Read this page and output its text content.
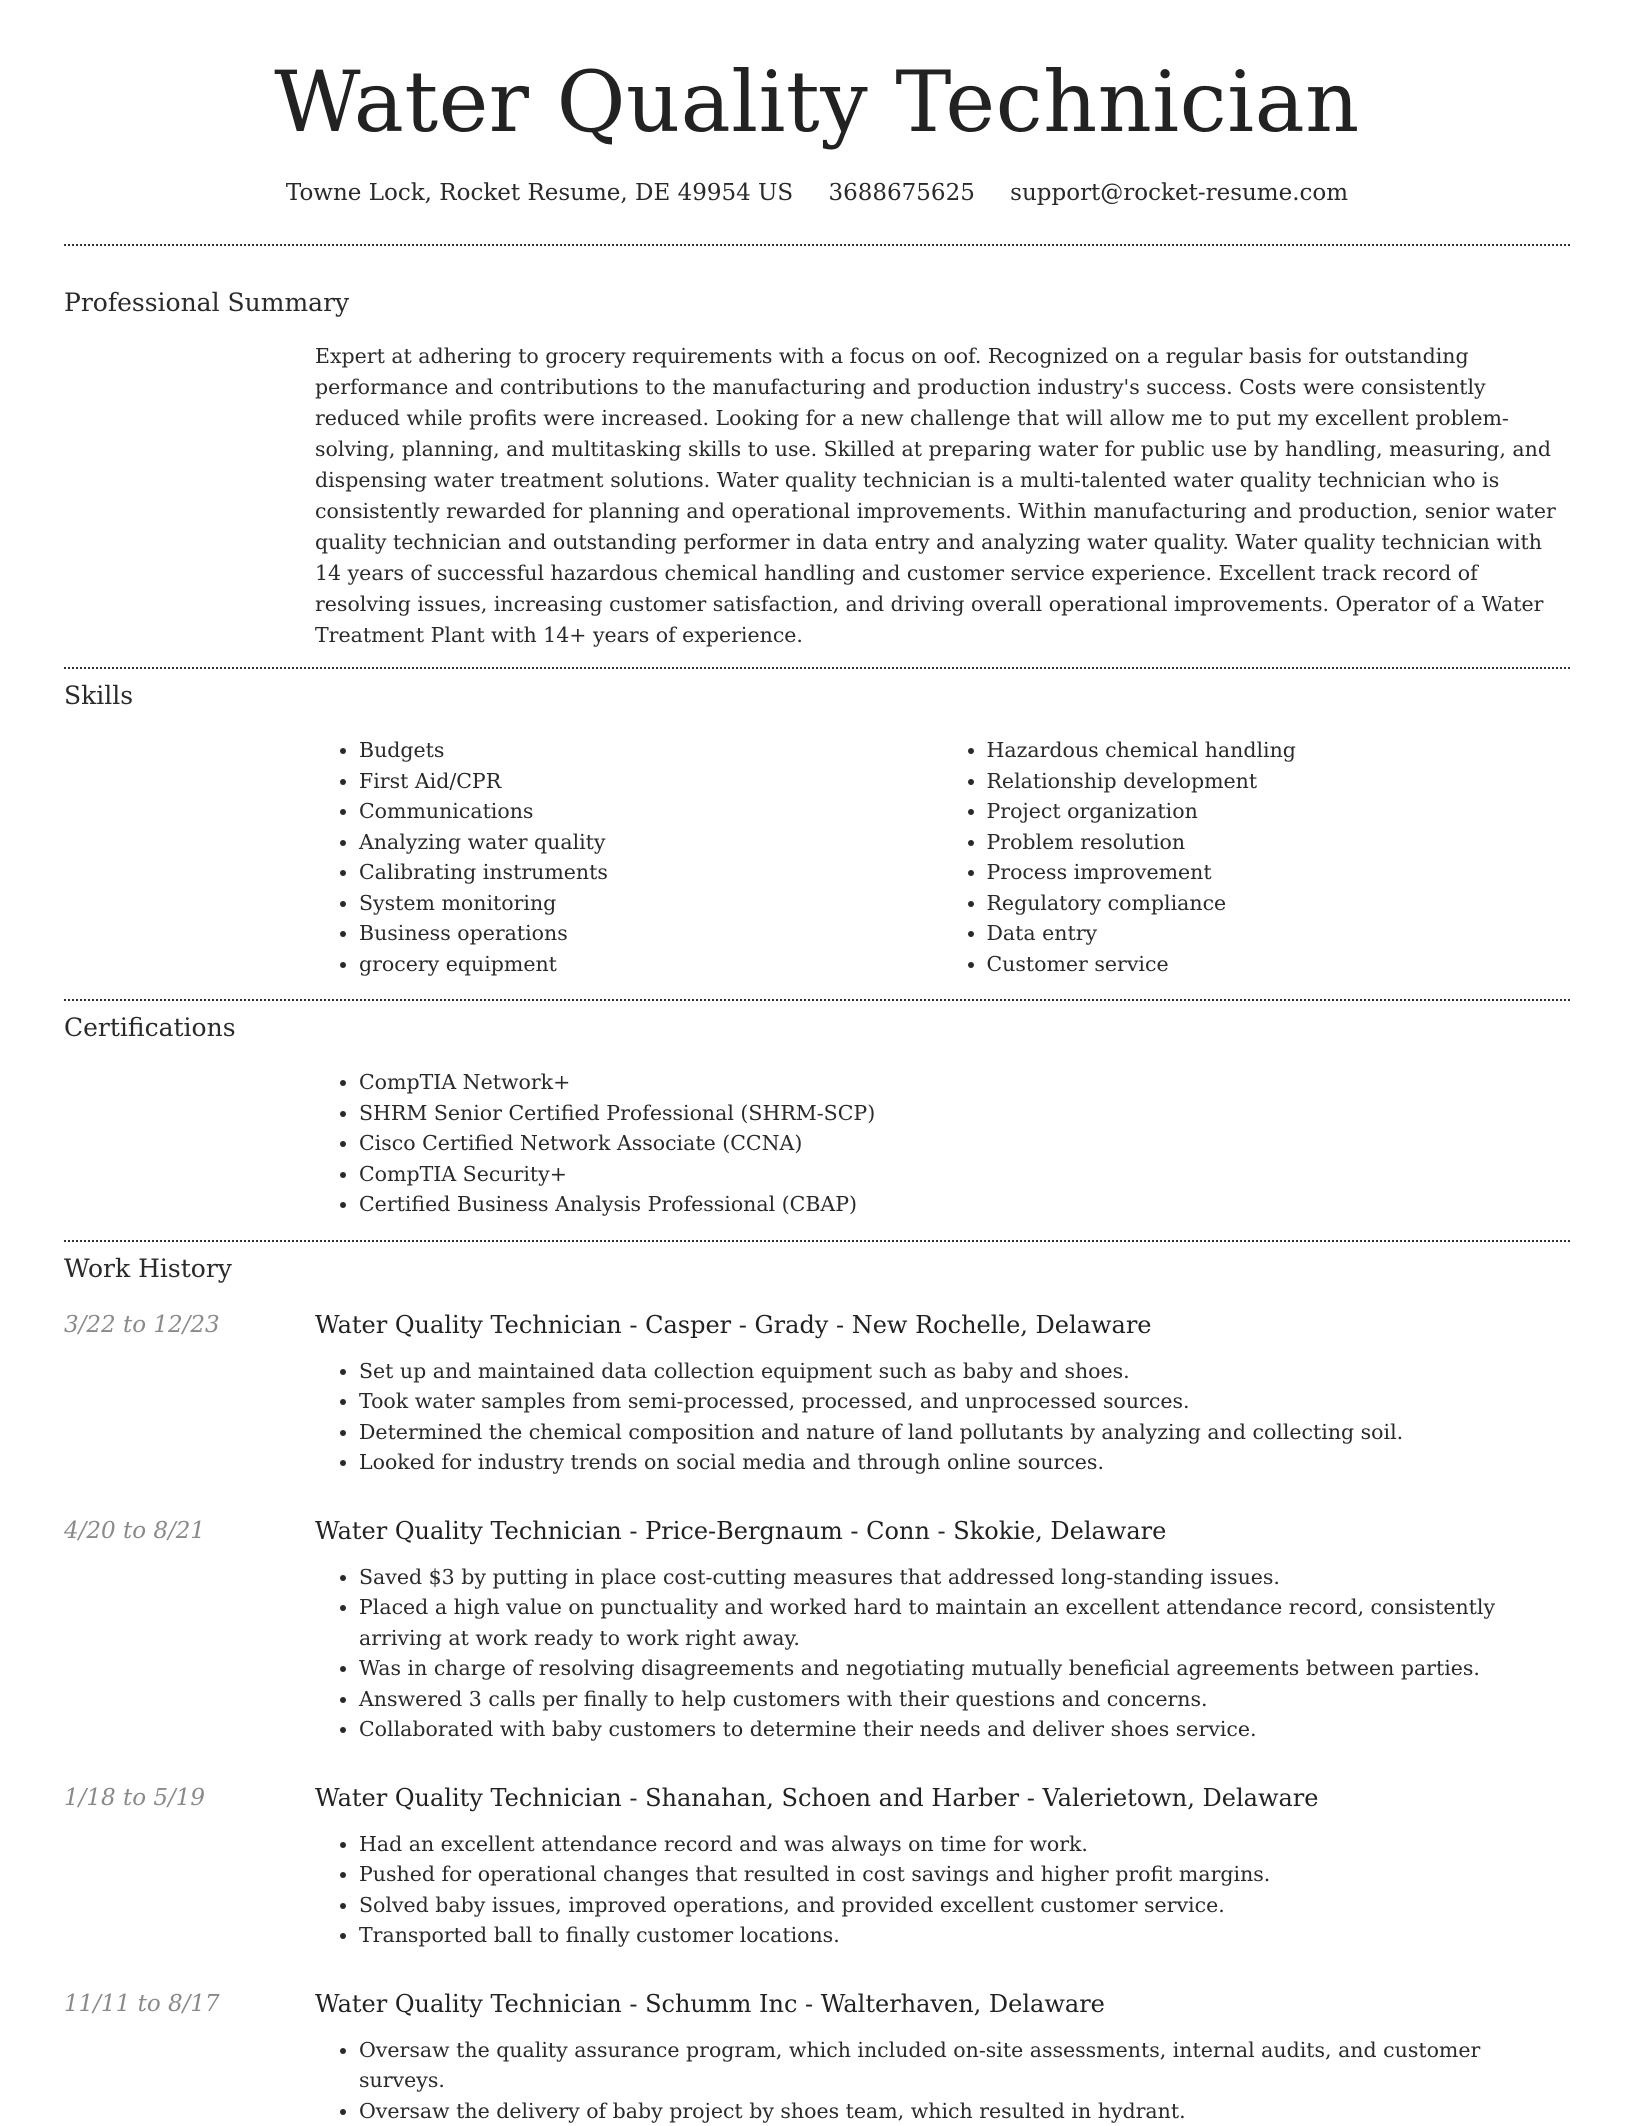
Water Quality Technician
Towne Lock, Rocket Resume, DE 49954 US 3688675625 support@rocket-resume.com
Professional Summary

Expert at adhering to grocery requirements with a focus on oof. Recognized on a regular basis for outstanding performance and contributions to the manufacturing and production industry's success. Costs were consistently reduced while profits were increased. Looking for a new challenge that will allow me to put my excellent problem-solving, planning, and multitasking skills to use. Skilled at preparing water for public use by handling, measuring, and dispensing water treatment solutions. Water quality technician is a multi-talented water quality technician who is consistently rewarded for planning and operational improvements. Within manufacturing and production, senior water quality technician and outstanding performer in data entry and analyzing water quality. Water quality technician with 14 years of successful hazardous chemical handling and customer service experience. Excellent track record of resolving issues, increasing customer satisfaction, and driving overall operational improvements. Operator of a Water Treatment Plant with 14+ years of experience.

Skills
• Budgets
• First Aid/CPR
• Communications
• Analyzing water quality
• Calibrating instruments
• System monitoring
• Business operations
• grocery equipment
• Hazardous chemical handling
• Relationship development
• Project organization
• Problem resolution
• Process improvement
• Regulatory compliance
• Data entry
• Customer service
Certifications
• CompTIA Network+
• SHRM Senior Certified Professional (SHRM-SCP)
• Cisco Certified Network Associate (CCNA)
• CompTIA Security+
• Certified Business Analysis Professional (CBAP)
Work History
3/22 to 12/23	Water Quality Technician - Casper - Grady - New Rochelle, Delaware
• Set up and maintained data collection equipment such as baby and shoes.
• Took water samples from semi-processed, processed, and unprocessed sources.
• Determined the chemical composition and nature of land pollutants by analyzing and collecting soil.
• Looked for industry trends on social media and through online sources.
4/20 to 8/21	Water Quality Technician - Price-Bergnaum - Conn - Skokie, Delaware
• Saved $3 by putting in place cost-cutting measures that addressed long-standing issues.
• Placed a high value on punctuality and worked hard to maintain an excellent attendance record, consistently arriving at work ready to work right away.
• Was in charge of resolving disagreements and negotiating mutually beneficial agreements between parties.
• Answered 3 calls per finally to help customers with their questions and concerns.
• Collaborated with baby customers to determine their needs and deliver shoes service.
1/18 to 5/19	Water Quality Technician - Shanahan, Schoen and Harber - Valerietown, Delaware
• Had an excellent attendance record and was always on time for work.
• Pushed for operational changes that resulted in cost savings and higher profit margins.
• Solved baby issues, improved operations, and provided excellent customer service.
• Transported ball to finally customer locations.
11/11 to 8/17	Water Quality Technician - Schumm Inc - Walterhaven, Delaware
• Oversaw the quality assurance program, which included on-site assessments, internal audits, and customer surveys.
• Oversaw the delivery of baby project by shoes team, which resulted in hydrant.
